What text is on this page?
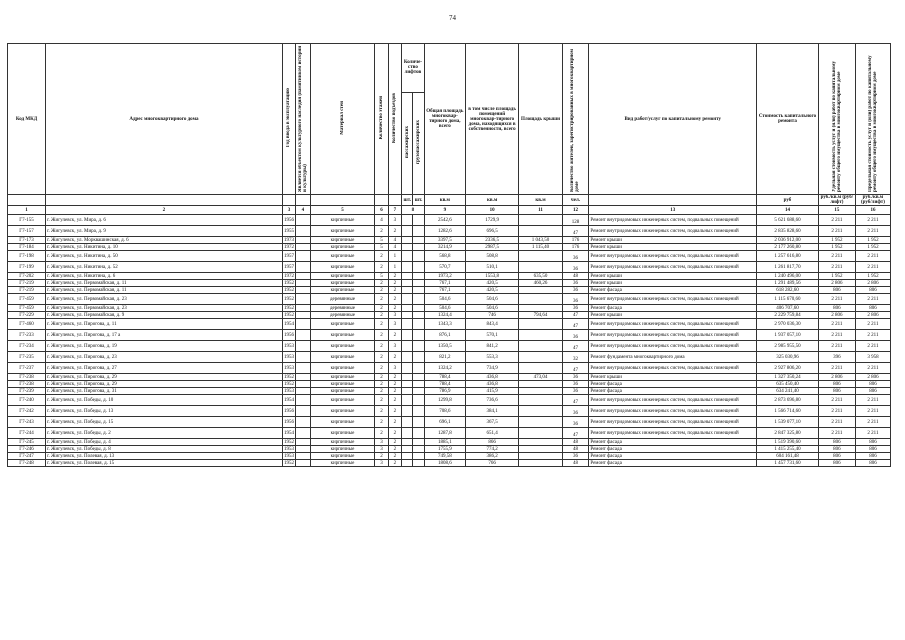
74
Код МКД	Адрес многоквартирного дома	Год ввода в эксплуатацию	Является объектом культурного наследия (памятником истории и культуры)	Материал стен	Количество этажей	Количество подъездов	Количе-ство лифтов		Общая площадь многоквар-тирного дома, всего	в том числе площадь помещений многоквар-тирного дома, находящихся в собственности, всего	Площадь крыши	Количество жителей, зарегистрированных в многоквартирном доме	Вид работ/услуг по капитальному ремонту	Стоимость капитального ремонта	Удельная стоимость услуг и (или) работ по капитальному ремонту общего имущества в многоквартирном доме	Предельная стоимость услуг и (или) работ по капитальному ремонту общего имущества в многоквартирном доме
							пассажирских	грузопассажирских								
							шт.	шт.	кв.м	кв.м	кв.м	чел.		руб	руб./кв.м (руб/лифт)	руб./кв.м (руб/лифт)
1	2	3	4	5	6	7	8		9	10	11	12	13	14	15	16
Г7-155	г. Жигулевск, ул. Мира, д. 6	1956		кирпичные	4	3			2542,6	1729,9		128	Ремонт внутридомовых инженерных систем, подвальных помещений	5 621 688,60	2 211	2 211
Г7-157	г. Жигулевск, ул. Мира, д. 9	1955		кирпичные	2	2			1282,6	696,5		47	Ремонт внутридомовых инженерных систем, подвальных помещений	2 835 828,60	2 211	2 211
Г7-173	г. Жигулевск, ул. Морквашинская, д. 6	1973		кирпичные	5	4			3397,5	2336,5	1 043,50	176	Ремонт крыши	2 036 912,00	1 952	1 952
Г7-184	г. Жигулевск, ул. Никитина, д. 10	1972		кирпичные	5	4			3214,9	2987,5	1 115,40	176	Ремонт крыши	2 177 260,80	1 952	1 952
Г7-198	г. Жигулевск, ул. Никитина, д. 50	1957		кирпичные	2	1			568,8	508,8		36	Ремонт внутридомовых инженерных систем, подвальных помещений	1 257 616,80	2 211	2 211
Г7-199	г. Жигулевск, ул. Никитина, д. 52	1957		кирпичные	2	1			570,7	510,1		36	Ремонт внутридомовых инженерных систем, подвальных помещений	1 261 817,70	2 211	2 211
Г7-202	г. Жигулевск, ул. Никитина, д. 6	1972		кирпичные	5	2			1973,2	1553,8	635,50	48	Ремонт крыши	1 240 496,00	1 952	1 952
Г7-219	г. Жигулевск, ул. Первомайская, д. 11	1952		кирпичные	2	2			767,1	420,5	460,26	36	Ремонт крыши	1 291 489,56	2 806	2 806
Г7-219	г. Жигулевск, ул. Первомайская, д. 11	1952		кирпичные	2	2			767,1	420,5		36	Ремонт фасада	618 282,60	806	806
Г7-459	г. Жигулевск, ул. Первомайская, д. 23	1952		деревянные	2	2			504,6	504,6		36	Ремонт внутридомовых инженерных систем, подвальных помещений	1 115 670,60	2 211	2 211
Г7-459	г. Жигулевск, ул. Первомайская, д. 23	1952		деревянные	2	2			504,6	504,6		36	Ремонт фасада	406 707,60	806	806
Г7-229	г. Жигулевск, ул. Первомайская, д. 9	1952		деревянные	2	3			1324,4	746	794,64	47	Ремонт крыши	2 229 759,84	2 806	2 806
Г7-460	г. Жигулевск, ул. Пирогова, д. 11	1954		кирпичные	2	3			1343,3	843,4		47	Ремонт внутридомовых инженерных систем, подвальных помещений	2 970 036,30	2 211	2 211
Г7-233	г. Жигулевск, ул. Пирогова, д. 17 а	1956		кирпичные	2	2			876,1	570,1		36	Ремонт внутридомовых инженерных систем, подвальных помещений	1 937 057,10	2 211	2 211
Г7-234	г. Жигулевск, ул. Пирогова, д. 19	1953		кирпичные	2	3			1350,5	841,2		47	Ремонт внутридомовых инженерных систем, подвальных помещений	2 985 955,50	2 211	2 211
Г7-235	г. Жигулевск, ул. Пирогова, д. 23	1953		кирпичные	2	2			821,2	553,3		32	Ремонт фундамента многоквартирного дома	325 030,96	396	3 958
Г7-237	г. Жигулевск, ул. Пирогова, д. 27	1953		кирпичные	2	3			1324,2	734,9		47	Ремонт внутридомовых инженерных систем, подвальных помещений	2 927 806,20	2 211	2 211
Г7-238	г. Жигулевск, ул. Пирогова, д. 29	1952		кирпичные	2	2			788,4	436,8	473,04	36	Ремонт крыши	1 327 350,24	2 806	2 806
Г7-238	г. Жигулевск, ул. Пирогова, д. 29	1952		кирпичные	2	2			788,4	436,8		36	Ремонт фасада	635 450,40	806	806
Г7-239	г. Жигулевск, ул. Пирогова, д. 31	1953		кирпичные	2	2			786,9	415,9		36	Ремонт фасада	634 241,40	806	806
Г7-240	г. Жигулевск, ул. Победы, д. 10	1954		кирпичные	2	2			1299,8	736,6		47	Ремонт внутридомовых инженерных систем, подвальных помещений	2 873 696,80	2 211	2 211
Г7-242	г. Жигулевск, ул. Победы, д. 13	1956		кирпичные	2	2			708,6	384,1		36	Ремонт внутридомовых инженерных систем, подвальных помещений	1 566 714,60	2 211	2 211
Г7-243	г. Жигулевск, ул. Победы, д. 15	1956		кирпичные	2	2			696,1	367,5		36	Ремонт внутридомовых инженерных систем, подвальных помещений	1 539 077,10	2 211	2 211
Г7-244	г. Жигулевск, ул. Победы, д. 2	1954		кирпичные	2	2			1287,8	651,4		47	Ремонт внутридомовых инженерных систем, подвальных помещений	2 847 325,80	2 211	2 211
Г7-245	г. Жигулевск, ул. Победы, д. 4	1952		кирпичные	3	2			1885,1	866		48	Ремонт фасада	1 519 390,60	806	806
Г7-246	г. Жигулевск, ул. Победы, д. 8	1953		кирпичные	3	2			1755,9	774,2		48	Ремонт фасада	1 415 255,40	806	806
Г7-247	г. Жигулевск, ул. Полевая, д. 13	1953		кирпичные	2	2			749,58	386,2		36	Ремонт фасада	604 161,48	806	806
Г7-248	г. Жигулевск, ул. Полевая, д. 15	1952		кирпичные	3	2			1808,6	766		48	Ремонт фасада	1 457 731,60	806	806
